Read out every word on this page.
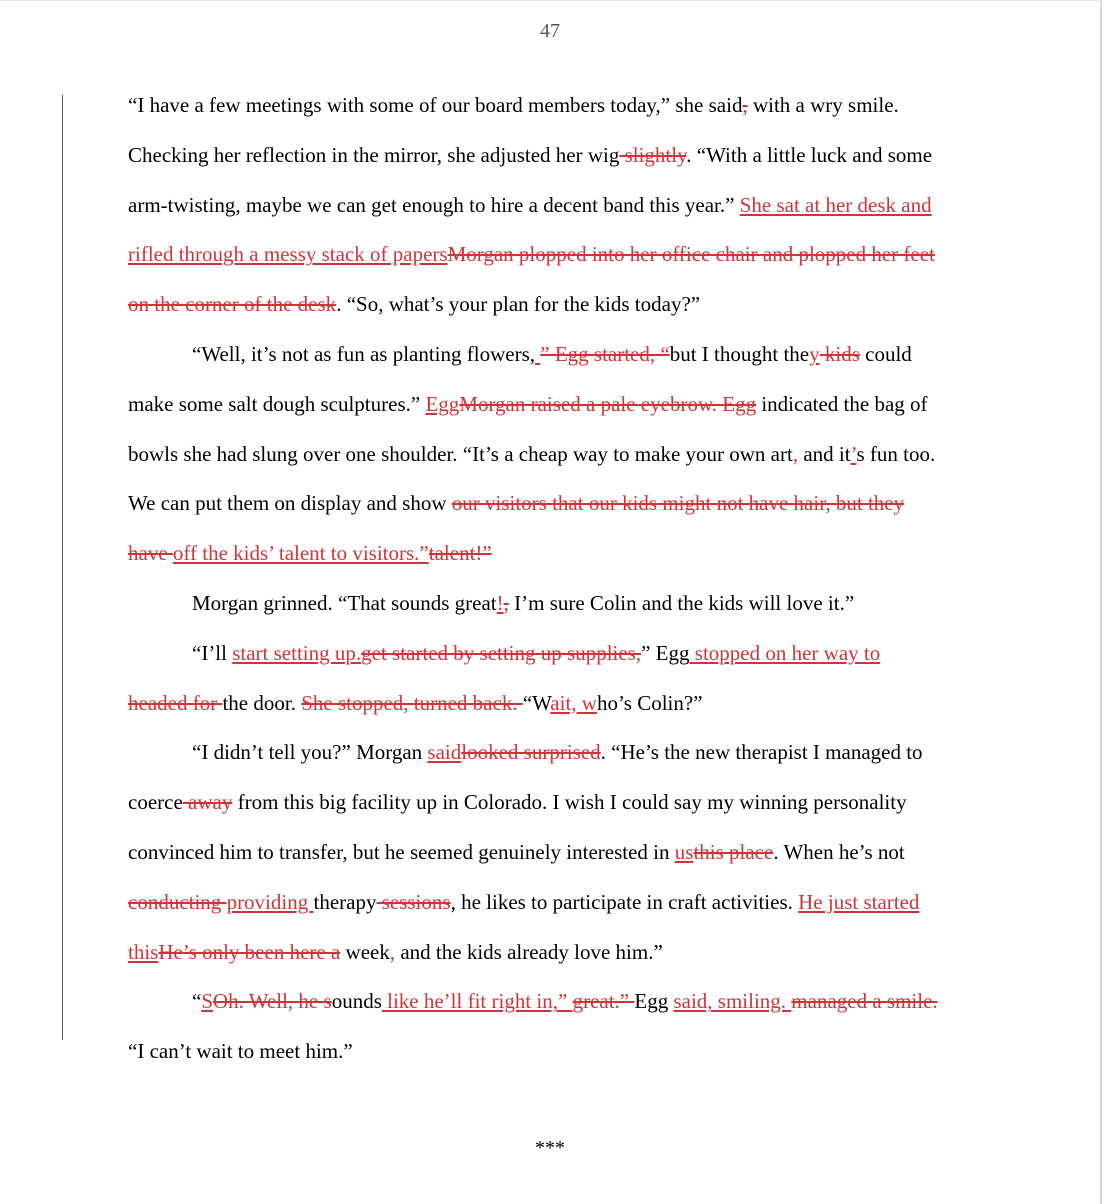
47

“I have a few meetings with some of our board members today,” she said, with a wry smile.

Checking her reflection in the mirror, she adjusted her wig slightly. “With a little luck and some

arm-twisting, maybe we can get enough to hire a decent band this year.” She sat at her desk and

rifled through a messy stack of papersMorgan plopped into her office chair and plopped her feet

on the corner of the desk. “So, what’s your plan for the kids today?”

“Well, it’s not as fun as planting flowers, ” Egg started, “but I thought they kids could

make some salt dough sculptures.” EggMorgan raised a pale eyebrow. Egg indicated the bag of

bowls she had slung over one shoulder. “It’s a cheap way to make your own art, and it’s fun too.

We can put them on display and show our visitors that our kids might not have hair, but they

have off the kids’ talent to visitors.”talent!”

Morgan grinned. “That sounds great!, I’m sure Colin and the kids will love it.”

“I’ll start setting up.get started by setting up supplies,” Egg stopped on her way to

headed for the door. She stopped, turned back. “Wait, who’s Colin?”

“I didn’t tell you?” Morgan saidlooked surprised. “He’s the new therapist I managed to

coerce away from this big facility up in Colorado. I wish I could say my winning personality

convinced him to transfer, but he seemed genuinely interested in usthis place. When he’s not

conducting providing therapy sessions, he likes to participate in craft activities. He just started

thisHe’s only been here a week, and the kids already love him.”

“SOh. Well, he sounds like he’ll fit right in,” great.” Egg said, smiling. managed a smile.

“I can’t wait to meet him.”

***
